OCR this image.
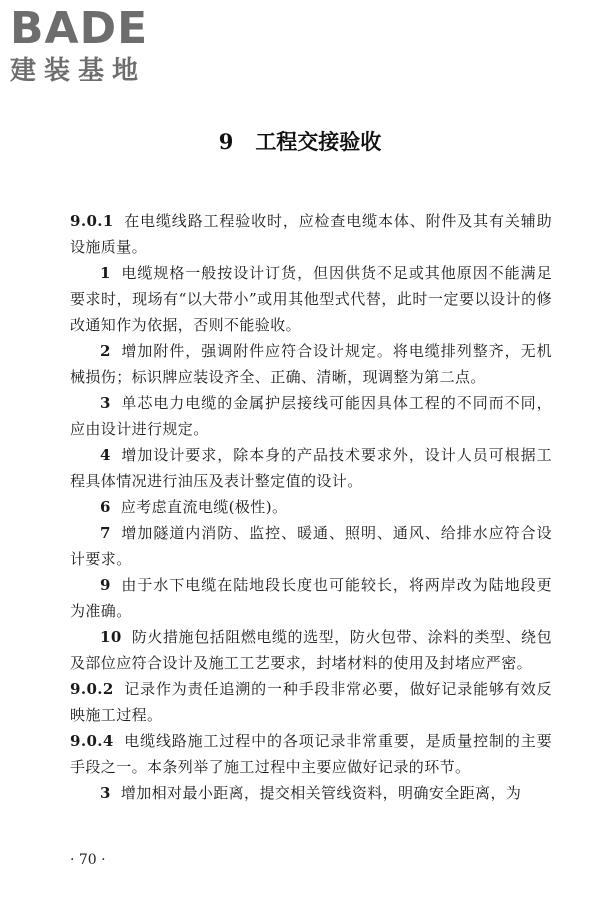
BADE
建装基地
9 工程交接验收

9.0.1 在电缆线路工程验收时，应检查电缆本体、附件及其有关辅助设施质量。

1 电缆规格一般按设计订货，但因供货不足或其他原因不能满足要求时，现场有“以大带小”或用其他型式代替，此时一定要以设计的修改通知作为依据，否则不能验收。

2 增加附件，强调附件应符合设计规定。将电缆排列整齐，无机械损伤；标识牌应装设齐全、正确、清晰，现调整为第二点。

3 单芯电力电缆的金属护层接线可能因具体工程的不同而不同，应由设计进行规定。

4 增加设计要求，除本身的产品技术要求外，设计人员可根据工程具体情况进行油压及表计整定值的设计。

6 应考虑直流电缆(极性)。

7 增加隧道内消防、监控、暖通、照明、通风、给排水应符合设计要求。

9 由于水下电缆在陆地段长度也可能较长，将两岸改为陆地段更为准确。

10 防火措施包括阻燃电缆的选型，防火包带、涂料的类型、绕包及部位应符合设计及施工工艺要求，封堵材料的使用及封堵应严密。

9.0.2 记录作为责任追溯的一种手段非常必要，做好记录能够有效反映施工过程。

9.0.4 电缆线路施工过程中的各项记录非常重要，是质量控制的主要手段之一。本条列举了施工过程中主要应做好记录的环节。

3 增加相对最小距离，提交相关管线资料，明确安全距离，为

· 70 ·
